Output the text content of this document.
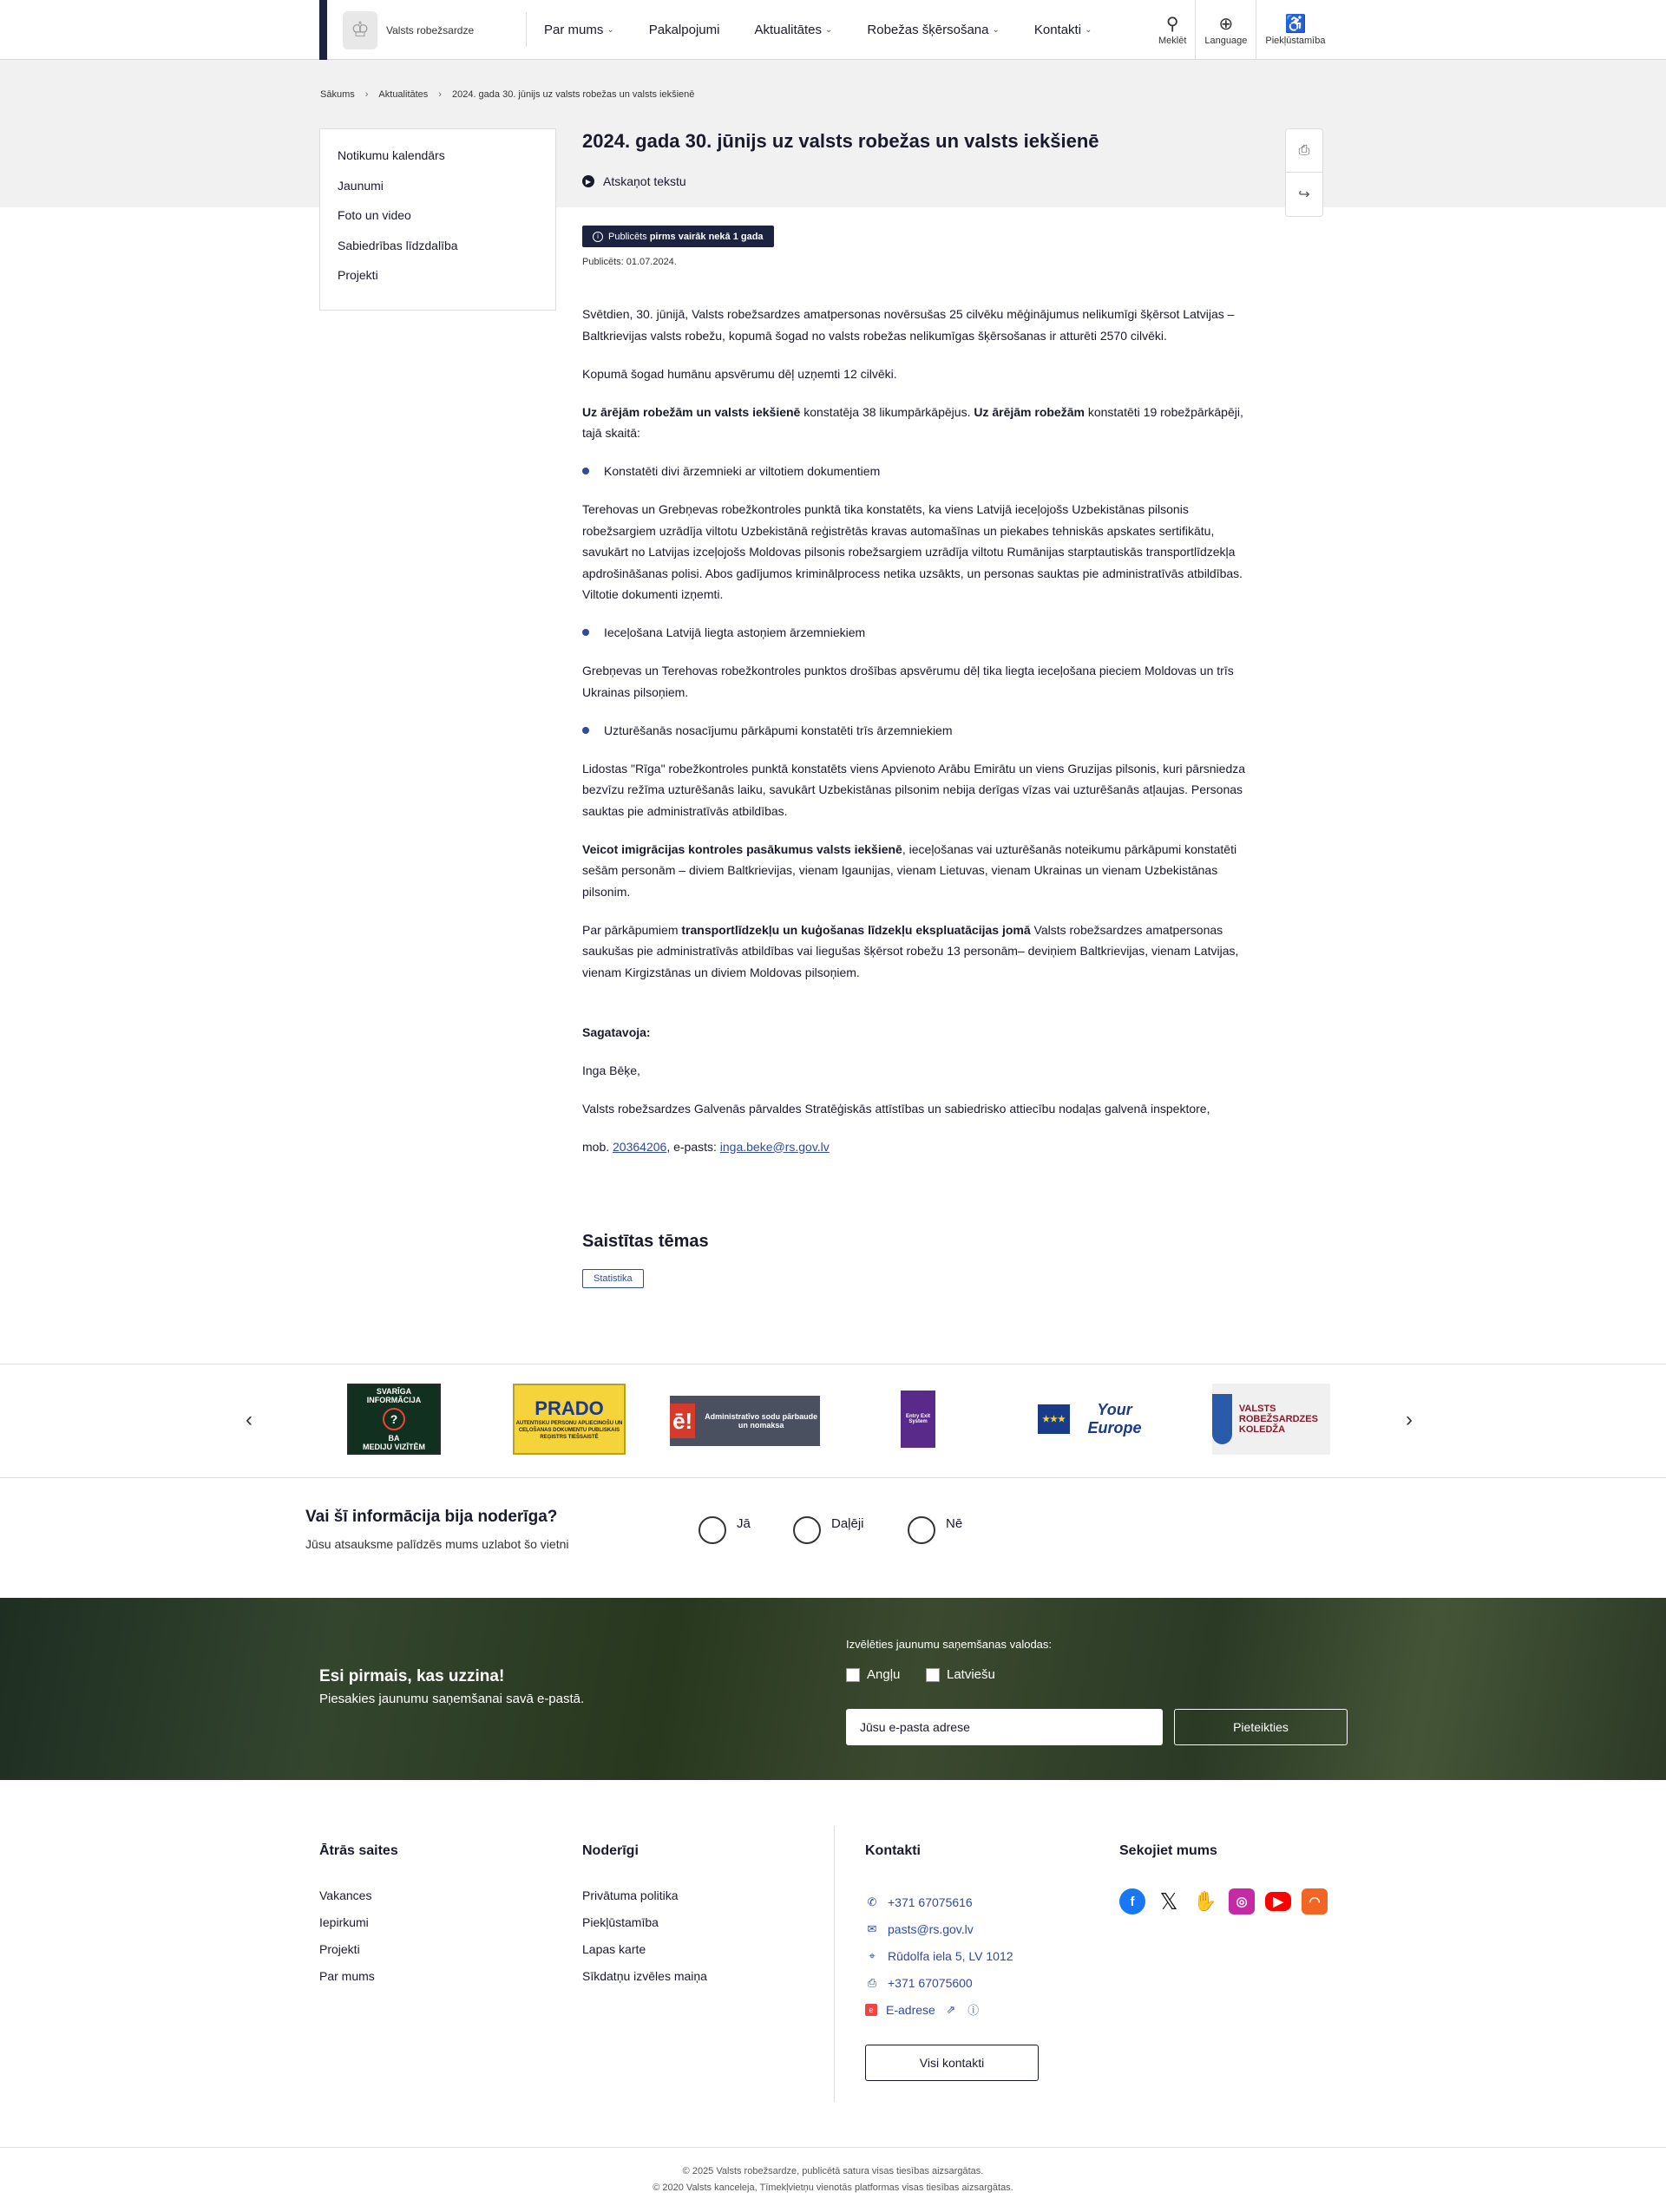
♔	Valsts robežsardze	Par mums ⌄	Pakalpojumi	Aktualitātes ⌄	Robežas šķērsošana ⌄	Kontakti ⌄	⚲
Meklēt
⊕
Language
♿
Piekļūstamība
Sākums › Aktualitātes › 2024. gada 30. jūnijs uz valsts robežas un valsts iekšienē
Notikumu kalendārs
Jaunumi
Foto un video
Sabiedrības līdzdalība
Projekti
2024. gada 30. jūnijs uz valsts robežas un valsts iekšienē
▶ Atskaņot tekstu
⎙
↪
i	Publicēts pirms vairāk nekā 1 gada
Publicēts: 01.07.2024.

Svētdien, 30. jūnijā, Valsts robežsardzes amatpersonas novērsušas 25 cilvēku mēģinājumus nelikumīgi šķērsot Latvijas – Baltkrievijas valsts robežu, kopumā šogad no valsts robežas nelikumīgas šķērsošanas ir atturēti 2570 cilvēki.

Kopumā šogad humānu apsvērumu dēļ uzņemti 12 cilvēki.

Uz ārējām robežām un valsts iekšienē konstatēja 38 likumpārkāpējus. Uz ārējām robežām konstatēti 19 robežpārkāpēji, tajā skaitā:

Konstatēti divi ārzemnieki ar viltotiem dokumentiem

Terehovas un Grebņevas robežkontroles punktā tika konstatēts, ka viens Latvijā ieceļojošs Uzbekistānas pilsonis robežsargiem uzrādīja viltotu Uzbekistānā reģistrētās kravas automašīnas un piekabes tehniskās apskates sertifikātu, savukārt no Latvijas izceļojošs Moldovas pilsonis robežsargiem uzrādīja viltotu Rumānijas starptautiskās transportlīdzekļa apdrošināšanas polisi. Abos gadījumos kriminālprocess netika uzsākts, un personas sauktas pie administratīvās atbildības. Viltotie dokumenti izņemti.

Ieceļošana Latvijā liegta astoņiem ārzemniekiem

Grebņevas un Terehovas robežkontroles punktos drošības apsvērumu dēļ tika liegta ieceļošana pieciem Moldovas un trīs Ukrainas pilsoņiem.

Uzturēšanās nosacījumu pārkāpumi konstatēti trīs ārzemniekiem

Lidostas "Rīga" robežkontroles punktā konstatēts viens Apvienoto Arābu Emirātu un viens Gruzijas pilsonis, kuri pārsniedza bezvīzu režīma uzturēšanās laiku, savukārt Uzbekistānas pilsonim nebija derīgas vīzas vai uzturēšanās atļaujas. Personas sauktas pie administratīvās atbildības.

Veicot imigrācijas kontroles pasākumus valsts iekšienē, ieceļošanas vai uzturēšanās noteikumu pārkāpumi konstatēti sešām personām – diviem Baltkrievijas, vienam Igaunijas, vienam Lietuvas, vienam Ukrainas un vienam Uzbekistānas pilsonim.

Par pārkāpumiem transportlīdzekļu un kuģošanas līdzekļu ekspluatācijas jomā Valsts robežsardzes amatpersonas saukušas pie administratīvās atbildības vai liegušas šķērsot robežu 13 personām– deviņiem Baltkrievijas, vienam Latvijas, vienam Kirgizstānas un diviem Moldovas pilsoņiem.

Sagatavoja:

Inga Bēķe,

Valsts robežsardzes Galvenās pārvaldes Stratēģiskās attīstības un sabiedrisko attiecību nodaļas galvenā inspektore,

mob. 20364206, e-pasts: inga.beke@rs.gov.lv

Saistītas tēmas
Statistika
‹
SVARĪGA INFORMĀCIJA
?
BA
MEDIJU VIZĪTĒM
PRADO
AUTENTISKU PERSONU APLIECINOŠU UN CEĻOŠANAS DOKUMENTU PUBLISKAIS REĢISTRS TIEŠSAISTĒ
ē!	Administratīvo sodu pārbaude un nomaksa
Entry Exit System	★★★
Your Europe
VALSTS ROBEŽSARDZES KOLEDŽA	›
Vai šī informācija bija noderīga?
Jūsu atsauksme palīdzēs mums uzlabot šo vietni
Jā	Daļēji	Nē
Esi pirmais, kas uzzina!
Piesakies jaunumu saņemšanai savā e-pastā.
Izvēlēties jaunumu saņemšanas valodas:
Angļu	Latviešu
Jūsu e-pasta adrese	Pieteikties
Ātrās saites
Vakances
Iepirkumi
Projekti
Par mums
Noderīgi
Privātuma politika
Piekļūstamība
Lapas karte
Sīkdatņu izvēles maiņa
Kontakti
✆ +371 67075616
✉ pasts@rs.gov.lv
⌖	Rūdolfa iela 5, LV 1012
⎙ +371 67075600
e	E-adrese ⇗ ⓘ
Visi kontakti
Sekojiet mums
f	𝕏 ✋	◎	▶	◠
© 2025 Valsts robežsardze, publicētā satura visas tiesības aizsargātas.
© 2020 Valsts kanceleja, Tīmekļvietņu vienotās platformas visas tiesības aizsargātas.
